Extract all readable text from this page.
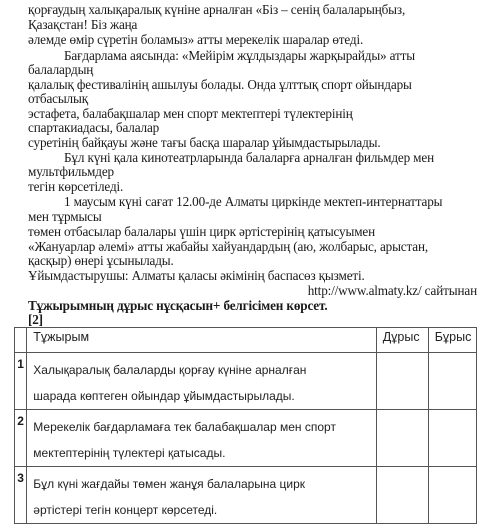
қорғаудың халықаралық күніне арналған «Біз – сенің балаларыңбыз,
Қазақстан! Біз жаңа
әлемде өмір сүретін боламыз» атты мерекелік шаралар өтеді.
Бағдарлама аясында: «Мейірім жұлдыздары жарқырайды» атты
балалардың
қалалық фестивалінің ашылуы болады. Онда ұлттық спорт ойындары
отбасылық
эстафета, балабақшалар мен спорт мектептері түлектерінің
спартакиадасы, балалар
суретінің байқауы және тағы басқа шаралар ұйымдастырылады.
Бұл күні қала кинотеатрларында балаларға арналған фильмдер мен
мультфильмдер
тегін көрсетіледі.
1 маусым күні сағат 12.00-де Алматы циркінде мектеп-интернаттары
мен тұрмысы
төмен отбасылар балалары үшін цирк әртістерінің қатысуымен
«Жануарлар әлемі» атты жабайы хайуандардың (аю, жолбарыс, арыстан,
қасқыр) өнері ұсынылады.
Ұйымдастырушы: Алматы қаласы әкімінің баспасөз қызметі.
http://www.almaty.kz/ сайтынан
Тұжырымның дұрыс нұсқасын+ белгісімен көрсет.
[2]
	Тұжырым	Дұрыс	Бұрыс
1	Халықаралық балаларды қорғау күніне арналған
шарада көптеген ойындар ұйымдастырылады.		

2	Мерекелік бағдарламаға тек балабақшалар мен спорт
мектептерінің түлектері қатысады.		

3	Бұл күні жағдайы төмен жанұя балаларына цирк
әртістері тегін концерт көрсетеді.		
